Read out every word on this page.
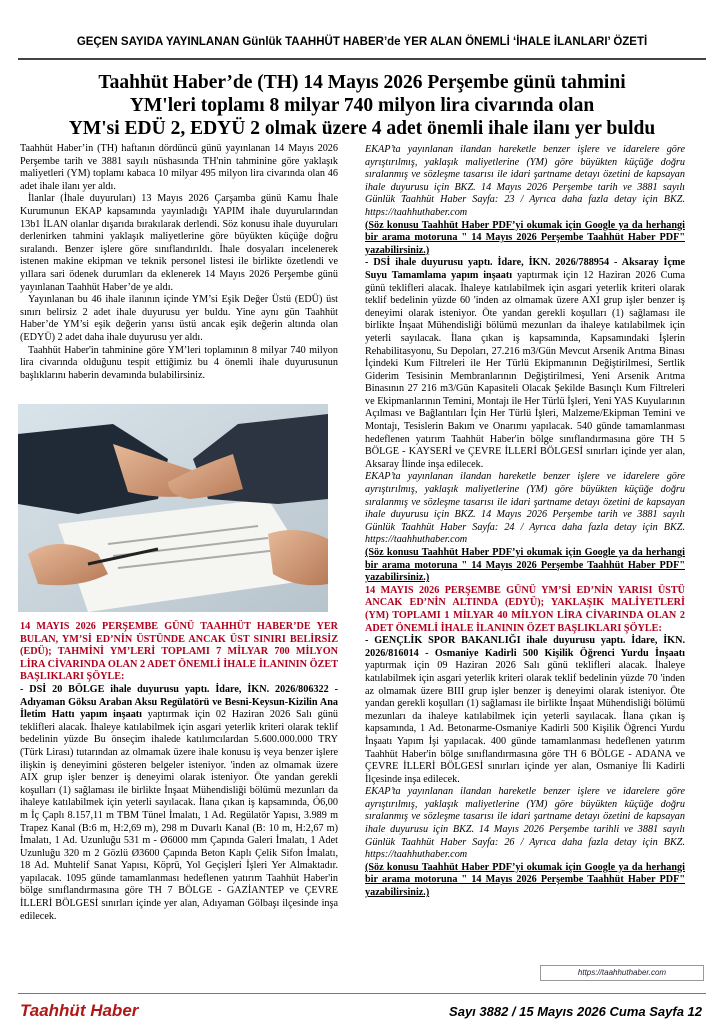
GEÇEN SAYIDA YAYINLANAN Günlük TAAHHÜT HABER’de YER ALAN ÖNEMLİ ‘İHALE İLANLARI’ ÖZETİ
Taahhüt Haber’de (TH) 14 Mayıs 2026 Perşembe günü tahmini
YM'leri toplamı 8 milyar 740 milyon lira civarında olan
YM'si EDÜ 2, EDYÜ 2 olmak üzere 4 adet önemli ihale ilanı yer buldu

Taahhüt Haber’in (TH) haftanın dördüncü günü yayınlanan 14 Mayıs 2026 Perşembe tarih ve 3881 sayılı nüshasında TH'nin tahminine göre yaklaşık maliyetleri (YM) toplamı kabaca 10 milyar 495 milyon lira civarında olan 46 adet ihale ilanı yer aldı.

İlanlar (İhale duyuruları) 13 Mayıs 2026 Çarşamba günü Kamu İhale Kurumunun EKAP kapsamında yayınladığı YAPIM ihale duyurularından 13b1 İLAN olanlar dışarıda bırakılarak derlendi. Söz konusu ihale duyuruları derlenirken tahmini yaklaşık maliyetlerine göre büyükten küçüğe doğru sıralandı. Benzer işlere göre sınıflandırıldı. İhale dosyaları incelenerek istenen makine ekipman ve teknik personel listesi ile birlikte özetlendi ve yıllara sari ödenek durumları da eklenerek 14 Mayıs 2026 Perşembe günü yayınlanan Taahhüt Haber’de ye aldı.

Yayınlanan bu 46 ihale ilanının içinde YM’si Eşik Değer Üstü (EDÜ) üst sınırı belirsiz 2 adet ihale duyurusu yer buldu. Yine aynı gün Taahhüt Haber’de YM’si eşik değerin yarısı üstü ancak eşik değerin altında olan (EDYÜ) 2 adet daha ihale duyurusu yer aldı.

Taahhüt Haber'in tahminine göre YM’leri toplamının 8 milyar 740 milyon lira civarında olduğunu tespit ettiğimiz bu 4 önemli ihale duyurusunun başlıklarını haberin devamında bulabilirsiniz.

14 MAYIS 2026 PERŞEMBE GÜNÜ TAAHHÜT HABER’DE YER BULAN, YM’Sİ ED’NİN ÜSTÜNDE ANCAK ÜST SINIRI BELİRSİZ (EDÜ); TAHMİNİ YM’LERİ TOPLAMI 7 MİLYAR 700 MİLYON LİRA CİVARINDA OLAN 2 ADET ÖNEMLİ İHALE İLANININ ÖZET BAŞLIKLARI ŞÖYLE:

- DSİ 20 BÖLGE ihale duyurusu yaptı. İdare, İKN. 2026/806322 - Adıyaman Göksu Araban Aksu Regülatörü ve Besni-Keysun-Kizilin Ana İletim Hattı yapım inşaatı yaptırmak için 02 Haziran 2026 Salı günü teklifleri alacak. İhaleye katılabilmek için asgari yeterlik kriteri olarak teklif bedelinin yüzde Bu önseçim ihalede katılımcılardan 5.600.000.000 TRY (Türk Lirası) tutarından az olmamak üzere ihale konusu iş veya benzer işlere ilişkin iş deneyimini gösteren belgeler isteniyor. 'inden az olmamak üzere AIX grup işler benzer iş deneyimi olarak isteniyor. Öte yandan gerekli koşulları (1) sağlaması ile birlikte İnşaat Mühendisliği bölümü mezunları da ihaleye katılabilmek için yeterli sayılacak. İlana çıkan iş kapsamında, Ó6,00 m İç Çaplı 8.157,11 m TBM Tünel İmalatı, 1 Ad. Regülatör Yapısı, 3.989 m Trapez Kanal (B:6 m, H:2,69 m), 298 m Duvarlı Kanal (B: 10 m, H:2,67 m) İmalatı, 1 Ad. Uzunluğu 531 m - Ø6000 mm Çapında Galeri İmalatı, 1 Adet Uzunluğu 320 m 2 Gözlü Ø3600 Çapında Beton Kaplı Çelik Sifon İmalatı, 18 Ad. Muhtelif Sanat Yapısı, Köprü, Yol Geçişleri İşleri Yer Almaktadır. yapılacak. 1095 günde tamamlanması hedeflenen yatırım Taahhüt Haber'in bölge sınıflandırmasına göre TH 7 BÖLGE - GAZİANTEP ve ÇEVRE İLLERİ BÖLGESİ sınırları içinde yer alan, Adıyaman Gölbaşı ilçesinde inşa edilecek.

EKAP’ta yayınlanan ilandan hareketle benzer işlere ve idarelere göre ayrıştırılmış, yaklaşık maliyetlerine (YM) göre büyükten küçüğe doğru sıralanmış ve sözleşme tasarısı ile idari şartname detayı özetini de kapsayan ihale duyurusu için BKZ. 14 Mayıs 2026 Perşembe tarih ve 3881 sayılı Günlük Taahhüt Haber Sayfa: 23 / Ayrıca daha fazla detay için BKZ. https://taahhuthaber.com

(Söz konusu Taahhüt Haber PDF’yi okumak için Google ya da herhangi bir arama motoruna " 14 Mayıs 2026 Perşembe Taahhüt Haber PDF" yazabilirsiniz.)

- DSİ ihale duyurusu yaptı. İdare, İKN. 2026/788954 - Aksaray İçme Suyu Tamamlama yapım inşaatı yaptırmak için 12 Haziran 2026 Cuma günü teklifleri alacak. İhaleye katılabilmek için asgari yeterlik kriteri olarak teklif bedelinin yüzde 60 'inden az olmamak üzere AXI grup işler benzer iş deneyimi olarak isteniyor. Öte yandan gerekli koşulları (1) sağlaması ile birlikte İnşaat Mühendisliği bölümü mezunları da ihaleye katılabilmek için yeterli sayılacak. İlana çıkan iş kapsamında, Kapsamındaki İşlerin Rehabilitasyonu, Su Depoları, 27.216 m3/Gün Mevcut Arsenik Arıtma Binası İçindeki Kum Filtreleri ile Her Türlü Ekipmanının Değiştirilmesi, Sertlik Giderim Tesisinin Membranlarının Değiştirilmesi, Yeni Arsenik Arıtma Binasının 27 216 m3/Gün Kapasiteli Olacak Şekilde Basınçlı Kum Filtreleri ve Ekipmanlarının Temini, Montajı ile Her Türlü İşleri, Yeni YAS Kuyularının Açılması ve Bağlantıları İçin Her Türlü İşleri, Malzeme/Ekipman Temini ve Montajı, Tesislerin Bakım ve Onarımı yapılacak. 540 günde tamamlanması hedeflenen yatırım Taahhüt Haber'in bölge sınıflandırmasına göre TH 5 BÖLGE - KAYSERİ ve ÇEVRE İLLERİ BÖLGESİ sınırları içinde yer alan, Aksaray İlinde inşa edilecek.

EKAP’ta yayınlanan ilandan hareketle benzer işlere ve idarelere göre ayrıştırılmış, yaklaşık maliyetlerine (YM) göre büyükten küçüğe doğru sıralanmış ve sözleşme tasarısı ile idari şartname detayı özetini de kapsayan ihale duyurusu için BKZ. 14 Mayıs 2026 Perşembe tarih ve 3881 sayılı Günlük Taahhüt Haber Sayfa: 24 / Ayrıca daha fazla detay için BKZ. https://taahhuthaber.com

(Söz konusu Taahhüt Haber PDF’yi okumak için Google ya da herhangi bir arama motoruna " 14 Mayıs 2026 Perşembe Taahhüt Haber PDF" yazabilirsiniz.)

14 MAYIS 2026 PERŞEMBE GÜNÜ YM’Sİ ED’NİN YARISI ÜSTÜ ANCAK ED’NİN ALTINDA (EDYÜ); YAKLAŞIK MALİYETLERİ (YM) TOPLAMI 1 MİLYAR 40 MİLYON LİRA CİVARINDA OLAN 2 ADET ÖNEMLİ İHALE İLANININ ÖZET BAŞLIKLARI ŞÖYLE:

- GENÇLİK SPOR BAKANLIĞI ihale duyurusu yaptı. İdare, İKN. 2026/816014 - Osmaniye Kadirli 500 Kişilik Öğrenci Yurdu İnşaatı yaptırmak için 09 Haziran 2026 Salı günü teklifleri alacak. İhaleye katılabilmek için asgari yeterlik kriteri olarak teklif bedelinin yüzde 70 'inden az olmamak üzere BIII grup işler benzer iş deneyimi olarak isteniyor. Öte yandan gerekli koşulları (1) sağlaması ile birlikte İnşaat Mühendisliği bölümü mezunları da ihaleye katılabilmek için yeterli sayılacak. İlana çıkan iş kapsamında, 1 Ad. Betonarme-Osmaniye Kadirli 500 Kişilik Öğrenci Yurdu İnşaatı Yapım İşi yapılacak. 400 günde tamamlanması hedeflenen yatırım Taahhüt Haber'in bölge sınıflandırmasına göre TH 6 BÖLGE - ADANA ve ÇEVRE İLLERİ BÖLGESİ sınırları içinde yer alan, Osmaniye İli Kadirli İlçesinde inşa edilecek.

EKAP’ta yayınlanan ilandan hareketle benzer işlere ve idarelere göre ayrıştırılmış, yaklaşık maliyetlerine (YM) göre büyükten küçüğe doğru sıralanmış ve sözleşme tasarısı ile idari şartname detayı özetini de kapsayan ihale duyurusu için BKZ. 14 Mayıs 2026 Perşembe tarihli ve 3881 sayılı Günlük Taahhüt Haber Sayfa: 26 / Ayrıca daha fazla detay için BKZ. https://taahhuthaber.com

(Söz konusu Taahhüt Haber PDF’yi okumak için Google ya da herhangi bir arama motoruna " 14 Mayıs 2026 Perşembe Taahhüt Haber PDF" yazabilirsiniz.)

https://taahhuthaber.com
Taahhüt Haber	Sayı 3882 / 15 Mayıs 2026 Cuma Sayfa 12
